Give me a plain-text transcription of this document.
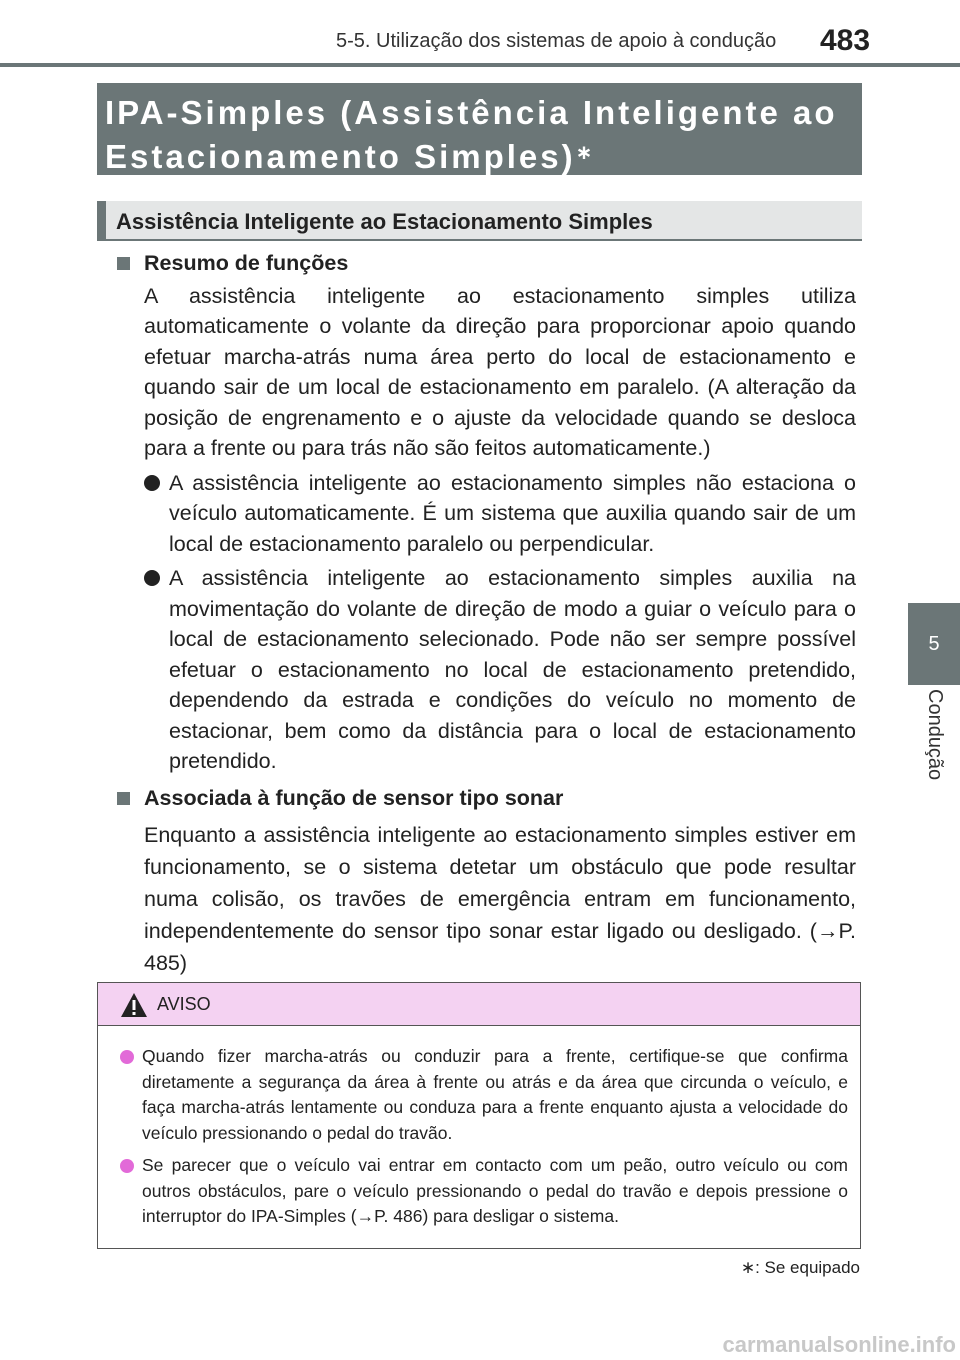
5-5. Utilização dos sistemas de apoio à condução 483
5
Condução
IPA-Simples (Assistência Inteligente ao Estacionamento Simples)∗
Assistência Inteligente ao Estacionamento Simples
Resumo de funções
A assistência inteligente ao estacionamento simples utiliza automaticamente o volante da direção para proporcionar apoio quando efetuar marcha-atrás numa área perto do local de estacionamento e quando sair de um local de estacionamento em paralelo. (A alteração da posição de engrenamento e o ajuste da velocidade quando se desloca para a frente ou para trás não são feitos automaticamente.)
A assistência inteligente ao estacionamento simples não estaciona o veículo automaticamente. É um sistema que auxilia quando sair de um local de estacionamento paralelo ou perpendicular.
A assistência inteligente ao estacionamento simples auxilia na movimentação do volante de direção de modo a guiar o veículo para o local de estacionamento selecionado. Pode não ser sempre possível efetuar o estacionamento no local de estacionamento pretendido, dependendo da estrada e condições do veículo no momento de estacionar, bem como da distância para o local de estacionamento pretendido.
Associada à função de sensor tipo sonar
Enquanto a assistência inteligente ao estacionamento simples estiver em funcionamento, se o sistema detetar um obstáculo que pode resultar numa colisão, os travões de emergência entram em funcionamento, independentemente do sensor tipo sonar estar ligado ou desligado. (→P. 485)
AVISO
Quando fizer marcha-atrás ou conduzir para a frente, certifique-se que confirma diretamente a segurança da área à frente ou atrás e da área que circunda o veículo, e faça marcha-atrás lentamente ou conduza para a frente enquanto ajusta a velocidade do veículo pressionando o pedal do travão.
Se parecer que o veículo vai entrar em contacto com um peão, outro veículo ou com outros obstáculos, pare o veículo pressionando o pedal do travão e depois pressione o interruptor do IPA-Simples (→P. 486) para desligar o sistema.
∗: Se equipado
carmanualsonline.info
